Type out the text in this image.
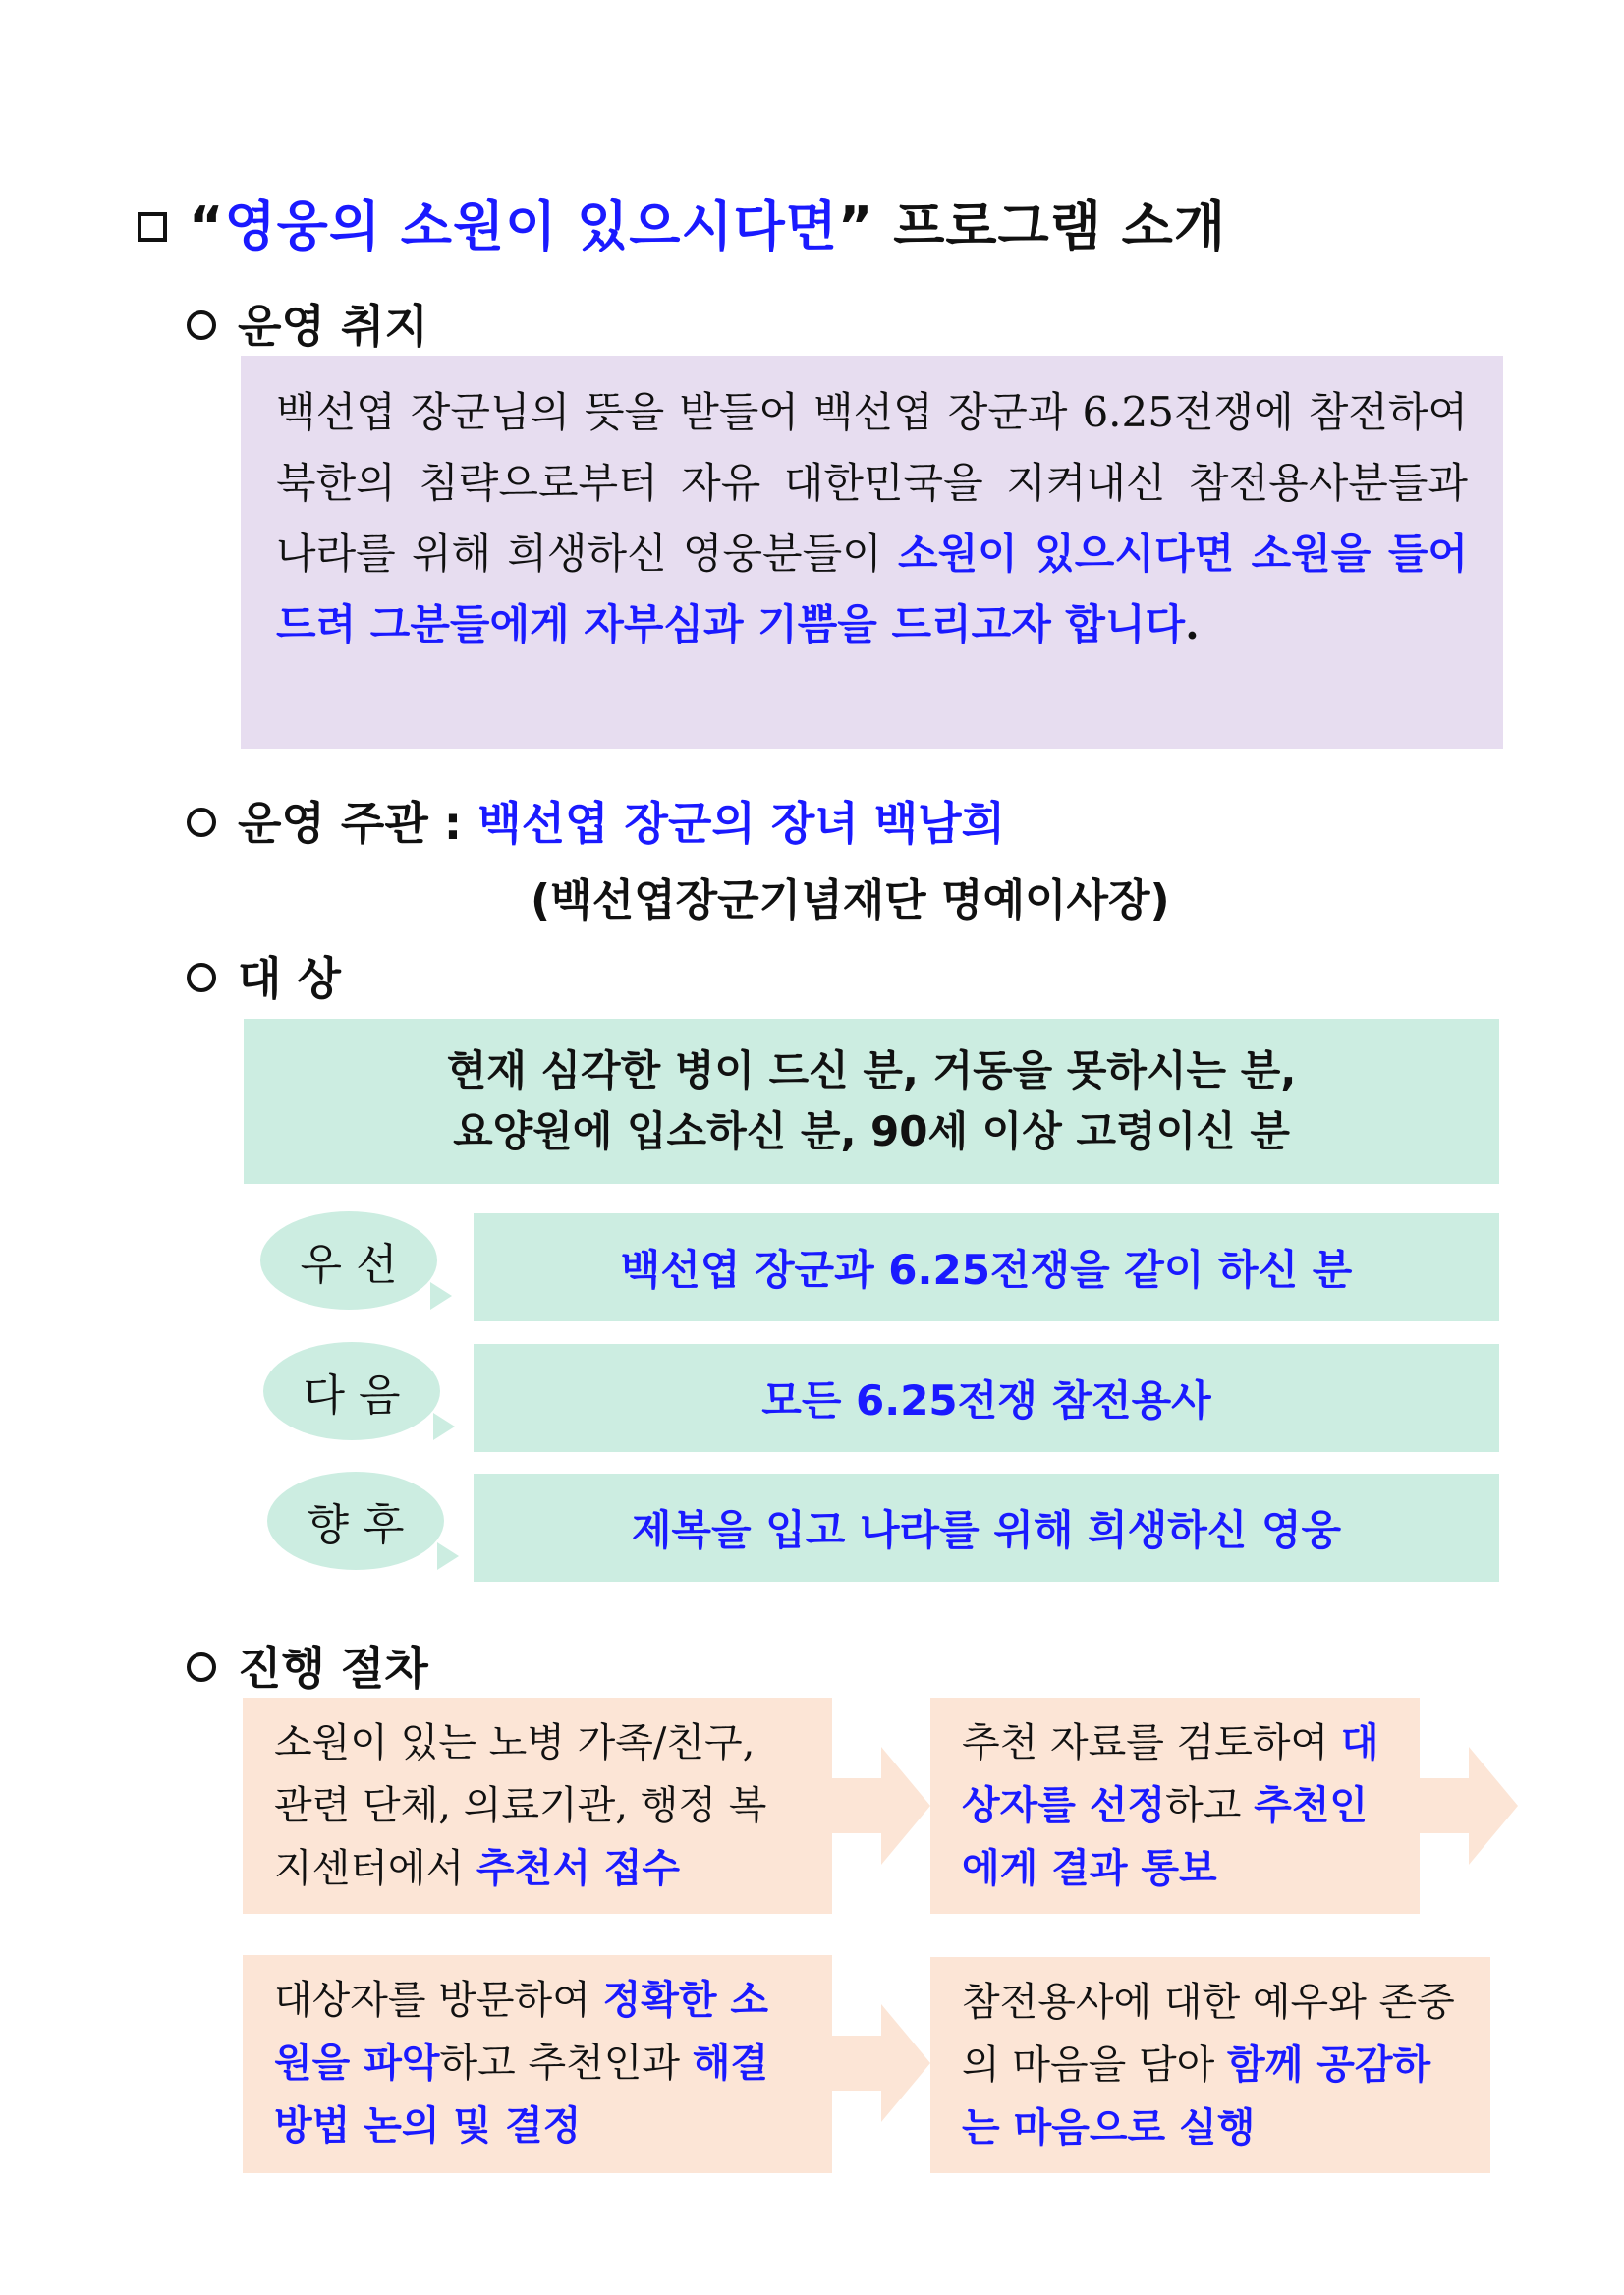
“영웅의 소원이 있으시다면” 프로그램 소개
운영 취지

백선엽 장군님의 뜻을 받들어 백선엽 장군과 6.25전쟁에 참전하여 북한의 침략으로부터 자유 대한민국을 지켜내신 참전용사분들과 나라를 위해 희생하신 영웅분들이 소원이 있으시다면 소원을 들어드려 그분들에게 자부심과 기쁨을 드리고자 합니다.

운영 주관 : 백선엽 장군의 장녀 백남희
(백선엽장군기념재단 명예이사장)
대 상
현재 심각한 병이 드신 분, 거동을 못하시는 분,
요양원에 입소하신 분, 90세 이상 고령이신 분
우 선	백선엽 장군과 6.25전쟁을 같이 하신 분
다 음	모든 6.25전쟁 참전용사
향 후	제복을 입고 나라를 위해 희생하신 영웅
진행 절차
소원이 있는 노병 가족/친구, 관련 단체, 의료기관, 행정 복지센터에서 추천서 접수
추천 자료를 검토하여 대상자를 선정하고 추천인에게 결과 통보
대상자를 방문하여 정확한 소원을 파악하고 추천인과 해결 방법 논의 및 결정
참전용사에 대한 예우와 존중의 마음을 담아 함께 공감하는 마음으로 실행
